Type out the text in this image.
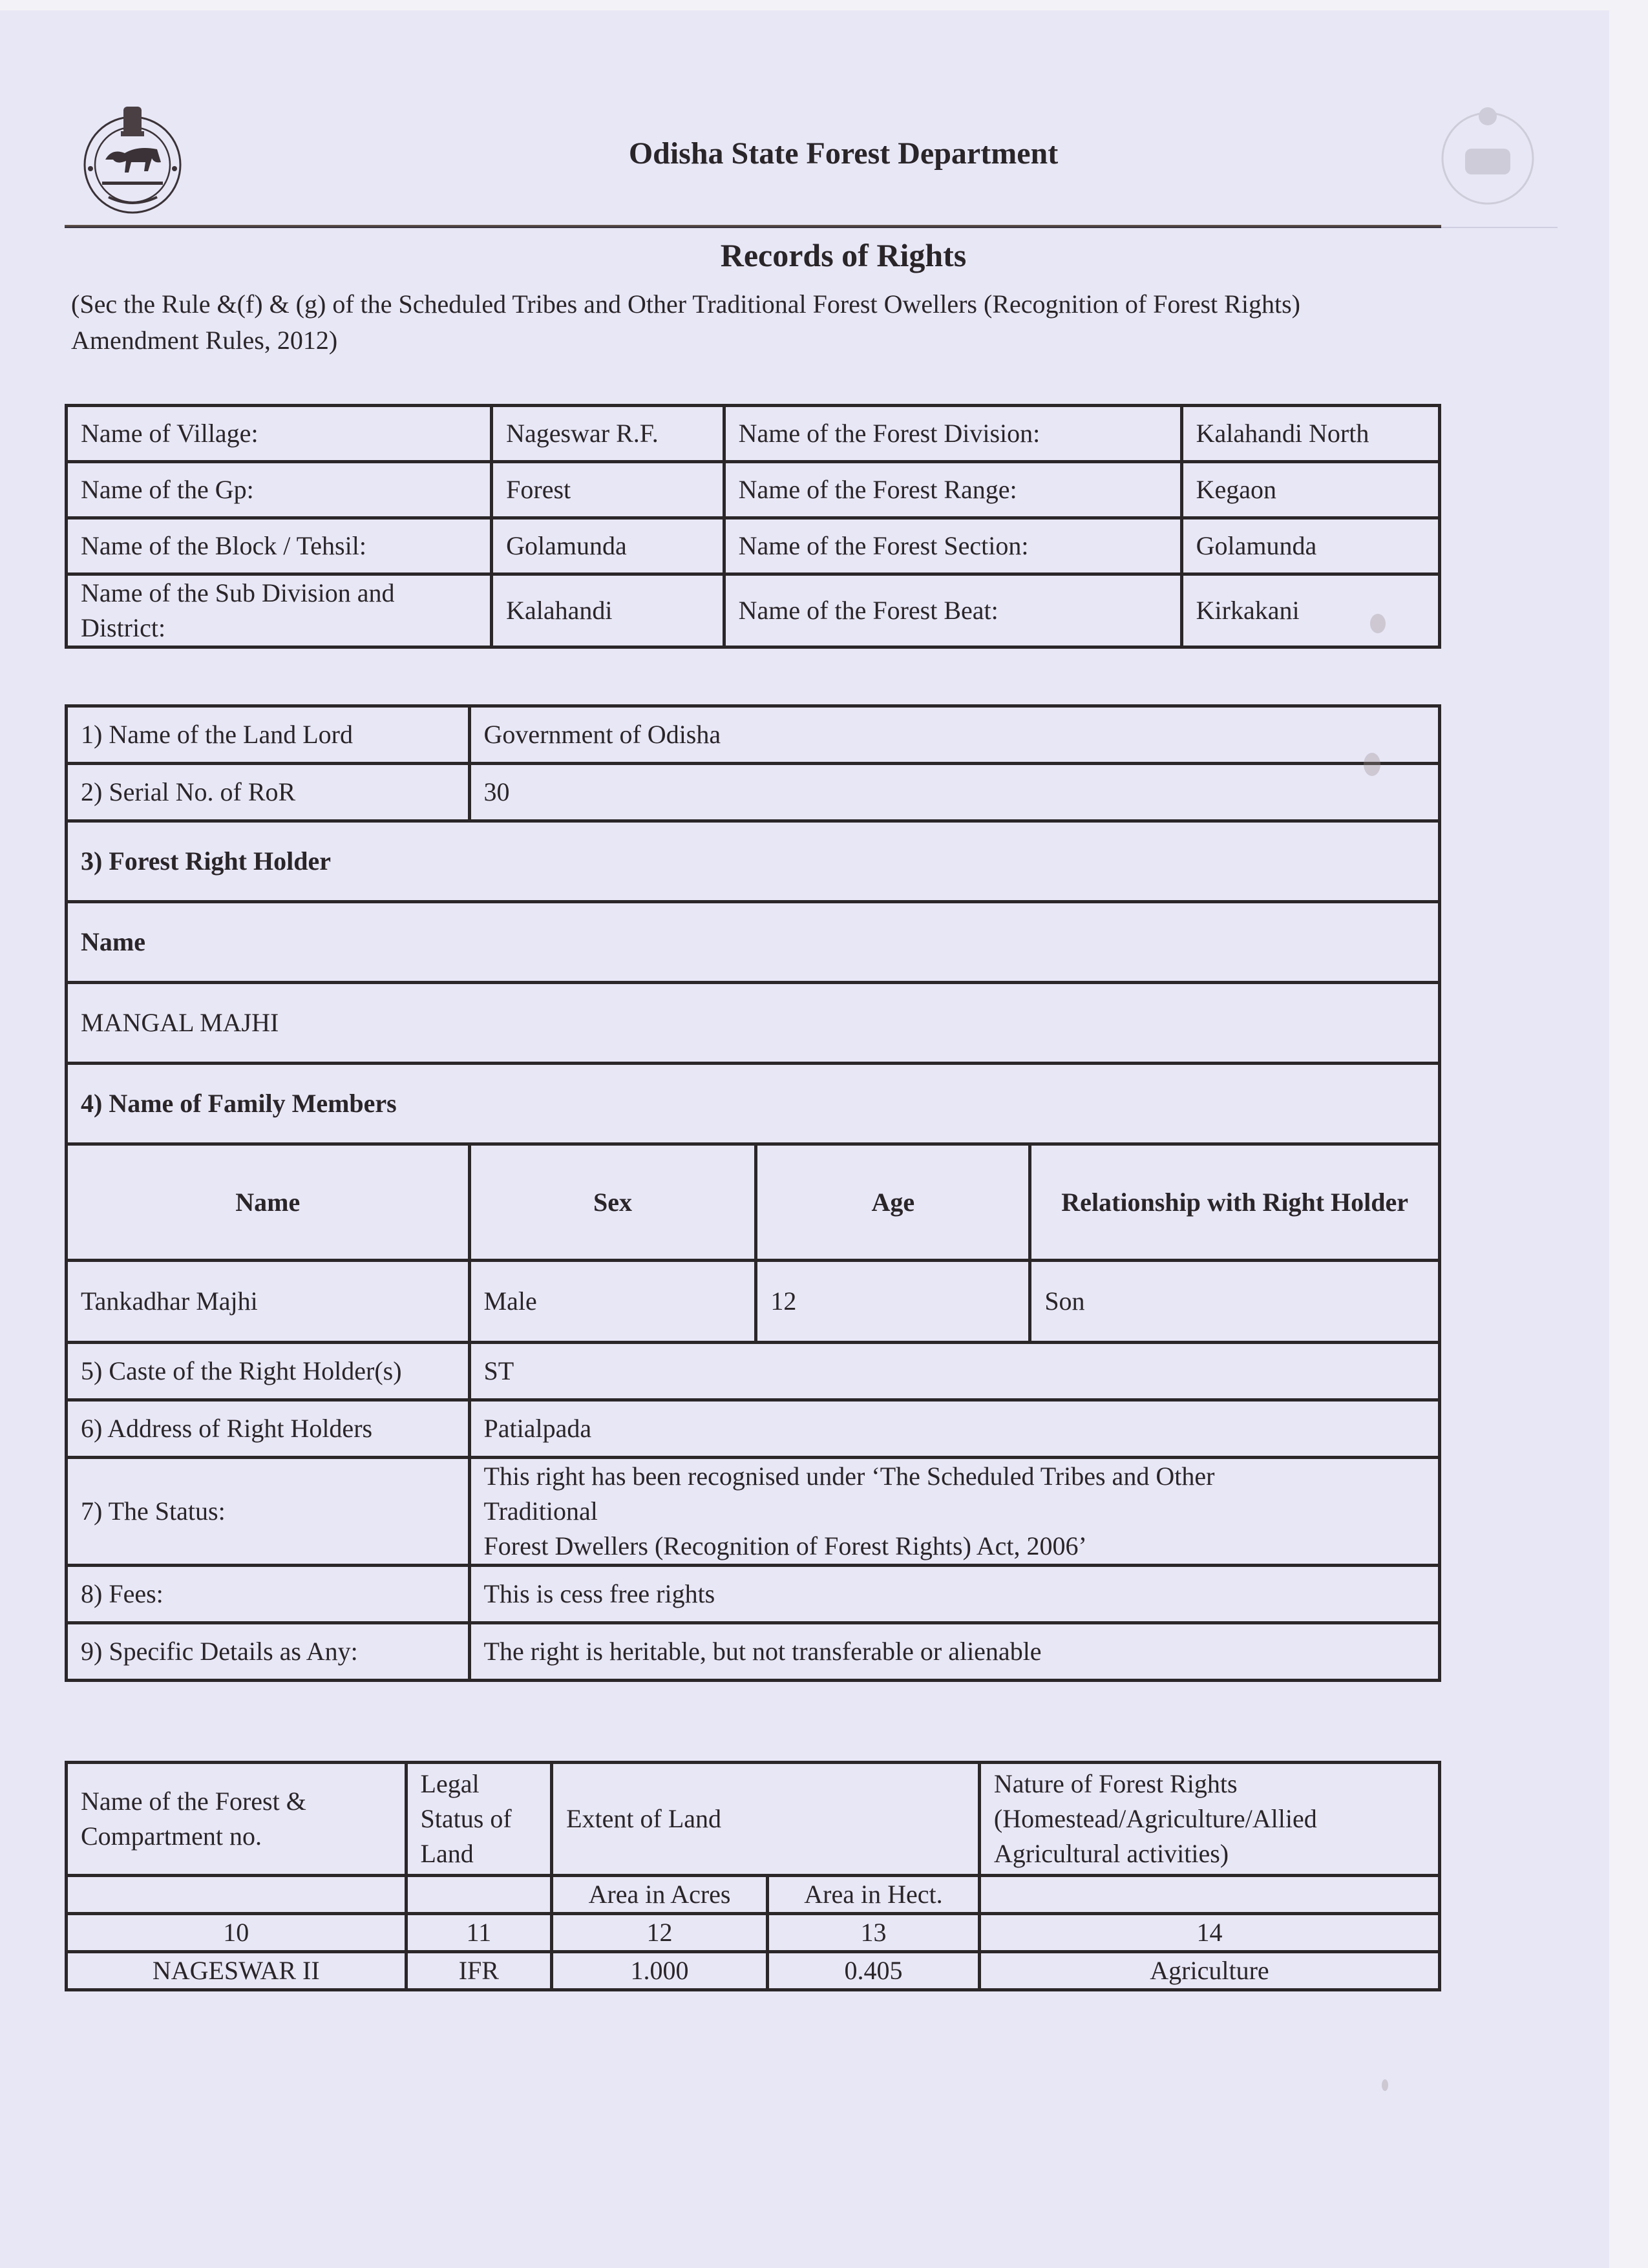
Odisha State Forest Department
Records of Rights
(Sec the Rule &(f) & (g) of the Scheduled Tribes and Other Traditional Forest Owellers (Recognition of Forest Rights) Amendment Rules, 2012)
Name of Village:	Nageswar R.F.	Name of the Forest Division:	Kalahandi North
Name of the Gp:	Forest	Name of the Forest Range:	Kegaon
Name of the Block / Tehsil:	Golamunda	Name of the Forest Section:	Golamunda
Name of the Sub Division and District:	Kalahandi	Name of the Forest Beat:	Kirkakani
1) Name of the Land Lord	Government of Odisha		
2) Serial No. of RoR	30		
3) Forest Right Holder			
Name			
MANGAL MAJHI			
4) Name of Family Members			
Name	Sex	Age	Relationship with Right Holder
Tankadhar Majhi	Male	12	Son
5) Caste of the Right Holder(s)	ST		
6) Address of Right Holders	Patialpada		
7) The Status:	This right has been recognised under ‘The Scheduled Tribes and Other
Traditional
Forest Dwellers (Recognition of Forest Rights) Act, 2006’		

8) Fees:	This is cess free rights		
9) Specific Details as Any:	The right is heritable, but not transferable or alienable		
Name of the Forest & Compartment no.	Legal Status of Land	Extent of Land		Nature of Forest Rights (Homestead/Agriculture/Allied Agricultural activities)
		Area in Acres	Area in Hect.	
10	11	12	13	14
NAGESWAR II	IFR	1.000	0.405	Agriculture
